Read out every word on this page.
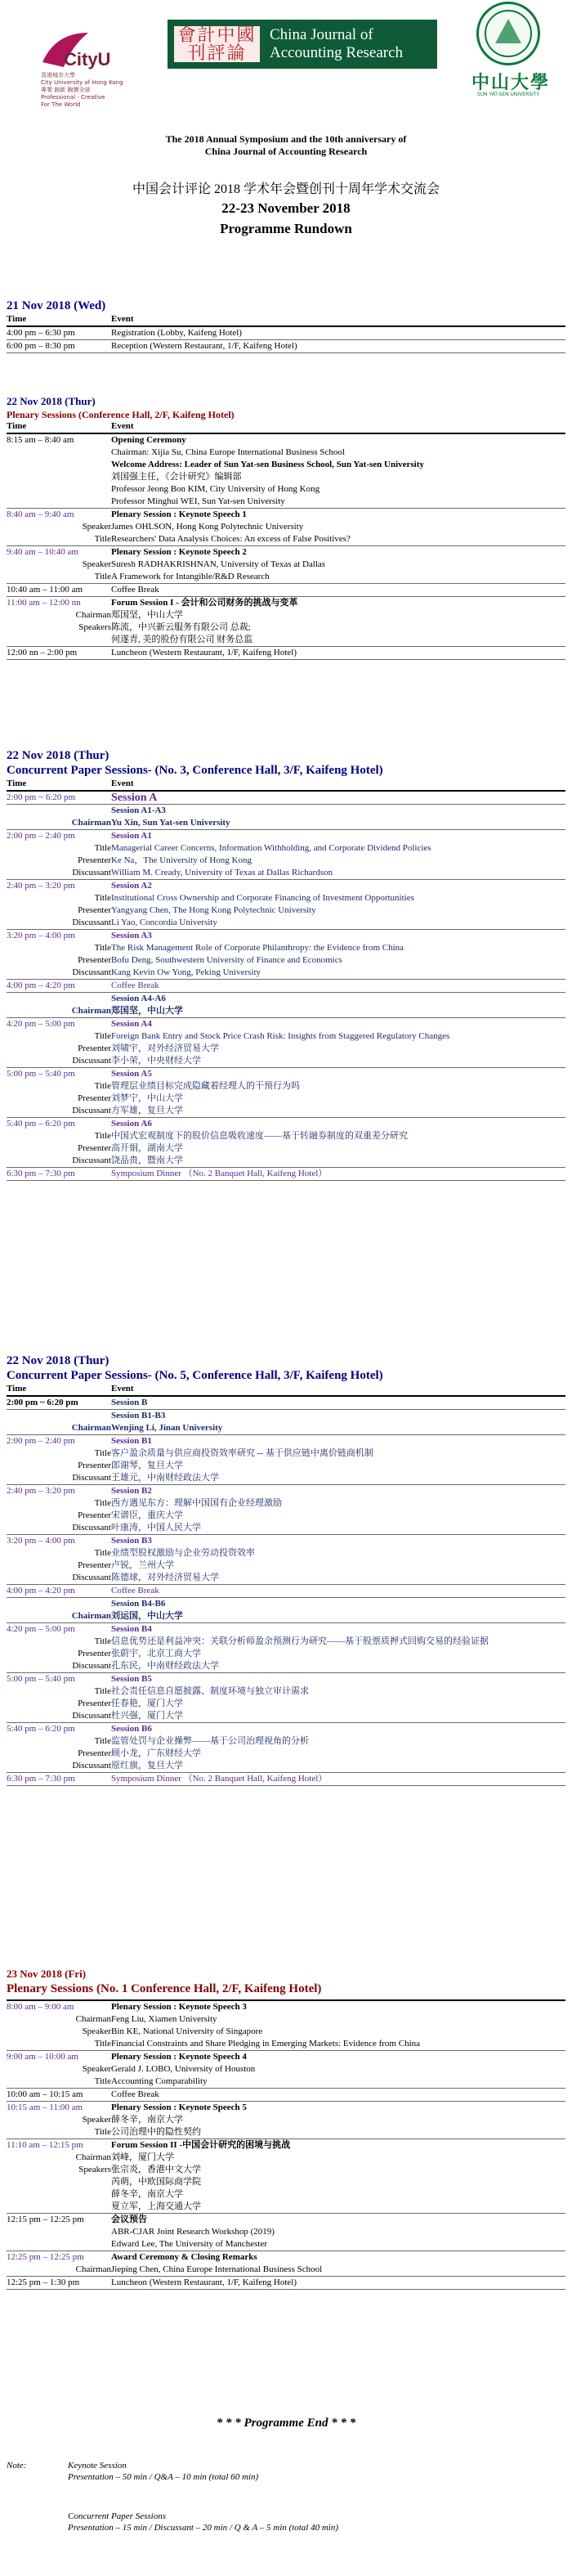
CityU
香港城市大學
City University of Hong Kong
專業 創新 胸懷全球
Professional - Creative
For The World
會計中國 刊評論
China Journal of
Accounting Research
中山大學
SUN YAT-SEN UNIVERSITY
The 2018 Annual Symposium and the 10th anniversary of
China Journal of Accounting Research
中国会计评论 2018 学术年会暨创刊十周年学术交流会
22-23 November 2018
Programme Rundown
21 Nov 2018 (Wed)
Time	Event
4:00 pm – 6:30 pm	Registration (Lobby, Kaifeng Hotel)
6:00 pm – 8:30 pm	Reception (Western Restaurant, 1/F, Kaifeng Hotel)
22 Nov 2018 (Thur)
Plenary Sessions (Conference Hall, 2/F, Kaifeng Hotel)
Time	Event
8:15 am – 8:40 am	Opening Ceremony
	Chairman: Xijia Su, China Europe International Business School
	Welcome Address: Leader of Sun Yat-sen Business School, Sun Yat-sen University
	刘国强主任，《会计研究》编辑部
	Professor Jeong Bon KIM, City University of Hong Kong
	Professor Minghui WEI, Sun Yat-sen University
8:40 am – 9:40 am	Plenary Session : Keynote Speech 1
Speaker	James OHLSON, Hong Kong Polytechnic University
Title	Researchers' Data Analysis Choices: An excess of False Positives?
9:40 am – 10:40 am	Plenary Session : Keynote Speech 2
Speaker	Suresh RADHAKRISHNAN, University of Texas at Dallas
Title	A Framework for Intangible/R&D Research
10:40 am – 11:00 am	Coffee Break
11:00 am – 12:00 nn	Forum Session I - 会计和公司财务的挑战与变革
Chairman	郑国坚，中山大学
Speakers	陈流，中兴新云服务有限公司 总裁;
	何遂青, 美的股份有限公司 财务总监
12:00 nn – 2:00 pm	Luncheon (Western Restaurant, 1/F, Kaifeng Hotel)
22 Nov 2018 (Thur)
Concurrent Paper Sessions- (No. 3, Conference Hall, 3/F, Kaifeng Hotel)
Time	Event
2:00 pm ~ 6:20 pm	Session A
	Session A1-A3
Chairman	Yu Xin, Sun Yat-sen University
2:00 pm – 2:40 pm	Session A1
Title	Managerial Career Concerns, Information Withholding, and Corporate Dividend Policies
Presenter	Ke Na，The University of Hong Kong
Discussant	William M. Cready, University of Texas at Dallas Richardson
2:40 pm – 3:20 pm	Session A2
Title	Institutional Cross Ownership and Corporate Financing of Investment Opportunities
Presenter	Yangyang Chen, The Hong Kong Polytechnic University
Discussant	Li Yao, Concordia University
3:20 pm – 4:00 pm	Session A3
Title	The Risk Management Role of Corporate Philanthropy: the Evidence from China
Presenter	Bofu Deng, Southwestern University of Finance and Economics
Discussant	Kang Kevin Ow Yong, Peking University
4:00 pm – 4:20 pm	Coffee Break
	Session A4-A6
Chairman	郑国坚，中山大学
4:20 pm – 5:00 pm	Session A4
Title	Foreign Bank Entry and Stock Price Crash Risk: Insights from Staggered Regulatory Changes
Presenter	刘啸宇，对外经济贸易大学
Discussant	李小荣，中央财经大学
5:00 pm – 5:40 pm	Session A5
Title	管理层业绩目标完成隐藏着经理人的干预行为吗
Presenter	刘梦宁，中山大学
Discussant	方军雄，复旦大学
5:40 pm – 6:20 pm	Session A6
Title	中国式宏观制度下的股价信息吸收速度——基于转融券制度的双重差分研究
Presenter	高开娟，湖南大学
Discussant	饶品贵，暨南大学
6:30 pm – 7:30 pm	Symposium Dinner （No. 2 Banquet Hall, Kaifeng Hotel）
22 Nov 2018 (Thur)
Concurrent Paper Sessions- (No. 5, Conference Hall, 3/F, Kaifeng Hotel)
Time	Event
2:00 pm ~ 6:20 pm	Session B
	Session B1-B3
Chairman	Wenjing Li, Jinan University
2:00 pm – 2:40 pm	Session B1
Title	客户盈余质量与供应商投资效率研究 -- 基于供应链中离价链商机制
Presenter	郎谢琴，复旦大学
Discussant	王雄元，中南财经政法大学
2:40 pm – 3:20 pm	Session B2
Title	西方遇见东方：理解中国国有企业经理激励
Presenter	宋谱臣，重庆大学
Discussant	叶康涛，中国人民大学
3:20 pm – 4:00 pm	Session B3
Title	业绩型股权激励与企业劳动投资效率
Presenter	卢锐，兰州大学
Discussant	陈德球，对外经济贸易大学
4:00 pm – 4:20 pm	Coffee Break
	Session B4-B6
Chairman	刘运国，中山大学
4:20 pm – 5:00 pm	Session B4
Title	信息优势还是利益冲突：关联分析师盈余预测行为研究——基于股票质押式回购交易的经验证据
Presenter	张蔚宇，北京工商大学
Discussant	孔东民，中南财经政法大学
5:00 pm – 5:40 pm	Session B5
Title	社会责任信息自愿披露、制度环境与独立审计需求
Presenter	任春艳，厦门大学
Discussant	杜兴强，厦门大学
5:40 pm – 6:20 pm	Session B6
Title	监管处罚与企业操弊——基于公司治理视角的分析
Presenter	顾小龙，广东财经大学
Discussant	原红旗，复旦大学
6:30 pm – 7:30 pm	Symposium Dinner （No. 2 Banquet Hall, Kaifeng Hotel）
23 Nov 2018 (Fri)
Plenary Sessions (No. 1 Conference Hall, 2/F, Kaifeng Hotel)
8:00 am – 9:00 am	Plenary Session : Keynote Speech 3
Chairman	Feng Liu, Xiamen University
Speaker	Bin KE, National University of Singapore
Title	Financial Constraints and Share Pledging in Emerging Markets: Evidence from China
9:00 am – 10:00 am	Plenary Session : Keynote Speech 4
Speaker	Gerald J. LOBO, University of Houston
Title	Accounting Comparability
10:00 am – 10:15 am	Coffee Break
10:15 am – 11:00 am	Plenary Session : Keynote Speech 5
Speaker	薛冬辛，南京大学
Title	公司治理中的隐性契约
11:10 am – 12:15 pm	Forum Session II -中国会计研究的困境与挑战
Chairman	刘峰，厦门大学
Speakers	张宗炎，香港中文大学
	芮萌，中欧国际商学院
	薛冬辛，南京大学
	夏立军，上海交通大学
12:15 pm – 12:25 pm	会议预告
	ABR-CJAR Joint Research Workshop (2019)
	Edward Lee, The University of Manchester
12:25 pm – 12:25 pm	Award Ceremony & Closing Remarks
Chairman	Jieping Chen, China Europe International Business School
12:25 pm – 1:30 pm	Luncheon (Western Restaurant, 1/F, Kaifeng Hotel)
* * * Programme End * * *
Note:	Keynote Session
Presentation – 50 min / Q&A – 10 min (total 60 min)
Concurrent Paper Sessions
Presentation – 15 min / Discussant – 20 min / Q & A – 5 min (total 40 min)
